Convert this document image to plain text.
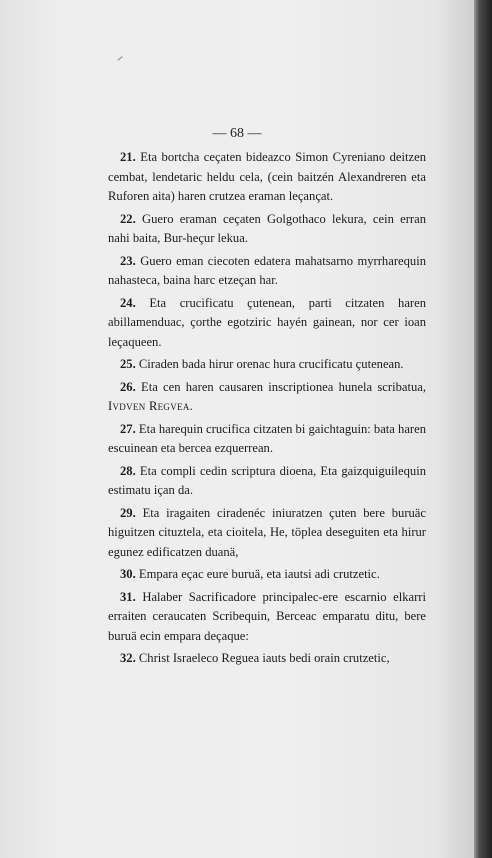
— 68 —

21. Eta bortcha ceçaten bideazco Simon Cyreniano deitzen cembat, lendetaric heldu cela, (cein baitzén Alexandreren eta Ruforen aita) haren crutzea eraman leçançat.

22. Guero eraman ceçaten Golgothaco lekura, cein erran nahi baita, Bur-heçur lekua.

23. Guero eman ciecoten edatera mahatsarno myrrharequin nahasteca, baina harc etzeçan har.

24. Eta crucificatu çutenean, parti citzaten haren abillamenduac, çorthe egotziric hayén gainean, nor cer ioan leçaqueen.

25. Ciraden bada hirur orenac hura crucificatu çutenean.

26. Eta cen haren causaren inscriptionea hunela scribatua, Ivdven Regvea.

27. Eta harequin crucifica citzaten bi gaichtaguin: bata haren escuinean eta bercea ezquerrean.

28. Eta compli cedin scriptura dioena, Eta gaizquiguilequin estimatu içan da.

29. Eta iragaiten ciradenéc iniuratzen çuten bere buruäc higuitzen cituztela, eta cioitela, He, töplea deseguiten eta hirur egunez edificatzen duanä,

30. Empara eçac eure buruä, eta iautsi adi crutzetic.

31. Halaber Sacrificadore principalec-ere escarnio elkarri erraiten ceraucaten Scribequin, Berceac emparatu ditu, bere buruä ecin empara deçaque:

32. Christ Israeleco Reguea iauts bedi orain crutzetic,
